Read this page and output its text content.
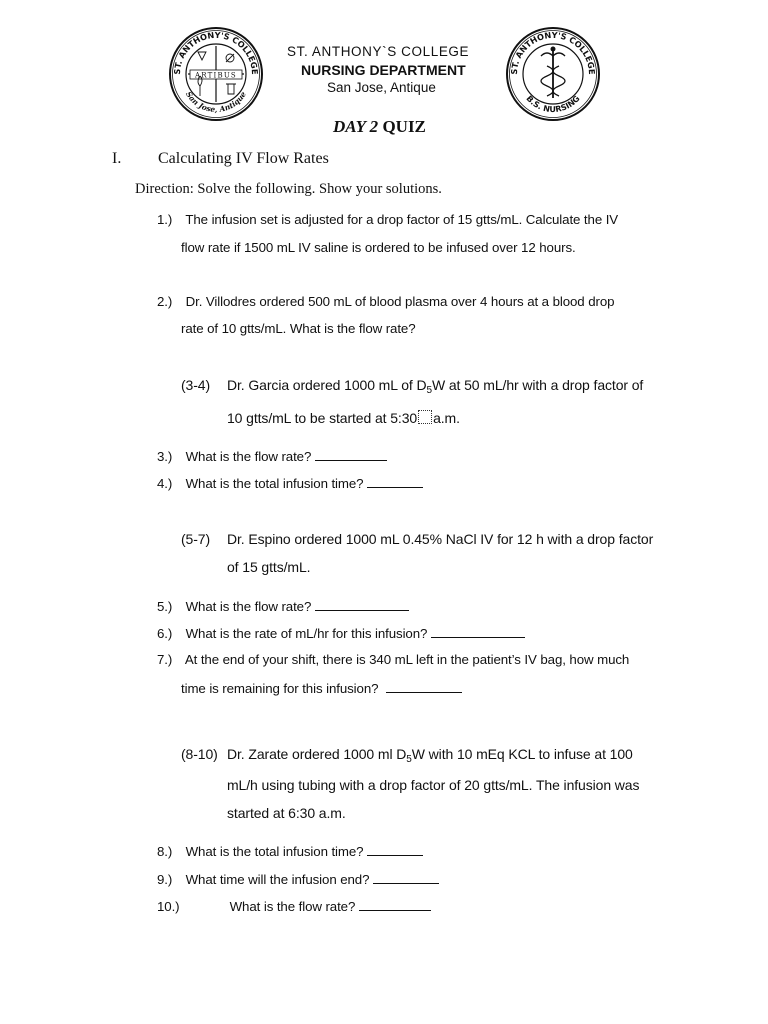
ST. ANTHONY'S COLLEGE
San Jose, Antique
ARTIBUS
ST. ANTHONY`S COLLEGE
NURSING DEPARTMENT
San Jose, Antique
ST. ANTHONY'S COLLEGE
B.S. NURSING
DAY 2 QUIZ
I. Calculating IV Flow Rates
Direction: Solve the following. Show your solutions.
1.) The infusion set is adjusted for a drop factor of 15 gtts/mL. Calculate the IV
flow rate if 1500 mL IV saline is ordered to be infused over 12 hours.
2.) Dr. Villodres ordered 500 mL of blood plasma over 4 hours at a blood drop
rate of 10 gtts/mL. What is the flow rate?
(3-4) Dr. Garcia ordered 1000 mL of $D_5W$ at 50 mL/hr with a drop factor of
10 gtts/mL to be started at 5:30 a.m.
3.) What is the flow rate?
4.) What is the total infusion time?
(5-7) Dr. Espino ordered 1000 mL 0.45% NaCl IV for 12 h with a drop factor
of 15 gtts/mL.
5.) What is the flow rate?
6.) What is the rate of mL/hr for this infusion?
7.) At the end of your shift, there is 340 mL left in the patient’s IV bag, how much
time is remaining for this infusion?
(8-10) Dr. Zarate ordered 1000 ml $D_5W$ with 10 mEq KCL to infuse at 100
mL/h using tubing with a drop factor of 20 gtts/mL. The infusion was
started at 6:30 a.m.
8.) What is the total infusion time?
9.) What time will the infusion end?
10.)	What is the flow rate?
